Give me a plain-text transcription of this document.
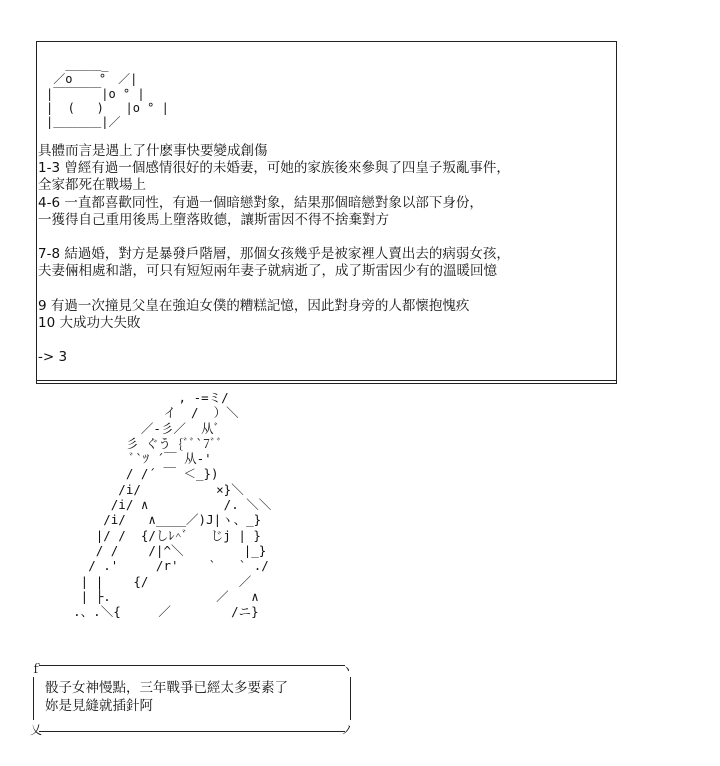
　 ＿＿＿_
／o　  °　／|
|￣￣￣￣|o ° |
|  (   )   |o ° |
|＿＿＿＿|／
具體而言是遇上了什麽事快要變成創傷
1-3 曾經有過一個感情很好的未婚妻，可她的家族後來參與了四皇子叛亂事件，
全家都死在戰場上
4-6 一直都喜歡同性，有過一個暗戀對象，結果那個暗戀對象以部下身份，
一獲得自己重用後馬上墮落敗德，讓斯雷因不得不捨棄對方
7-8 結過婚，對方是暴發戶階層，那個女孩幾乎是被家裡人賣出去的病弱女孩，
夫妻倆相處和諧，可只有短短兩年妻子就病逝了，成了斯雷因少有的溫暖回憶
9 有過一次撞見父皇在強迫女僕的糟糕記憶，因此對身旁的人都懷抱愧疚
10 大成功大失敗
-> 3
, -=ミ/
イ  /  ）＼
／-彡／  从ﾞ
彡 ぐう {ﾞﾞ`7ﾞﾞ
ﾞ`ﾂ ´￣ 从-'
/ /´ ￣ ＜_})
/i/          ×}＼
/i/ ∧          /. ＼＼
/i/   ∧____／)J|ヽ、_}
|/ /  {/しﾚ^ﾞ   じj | }
/ /    /|^＼        |_}
/ .'     /r'    `   ` ./
| |    {/            ／
| ├.              ／   ∧
.、.＼{     ／        /ニ}
ｆ	ヽ
乂	ノ
骰子女神慢點，三年戰爭已經太多要素了
妳是見縫就插針阿
